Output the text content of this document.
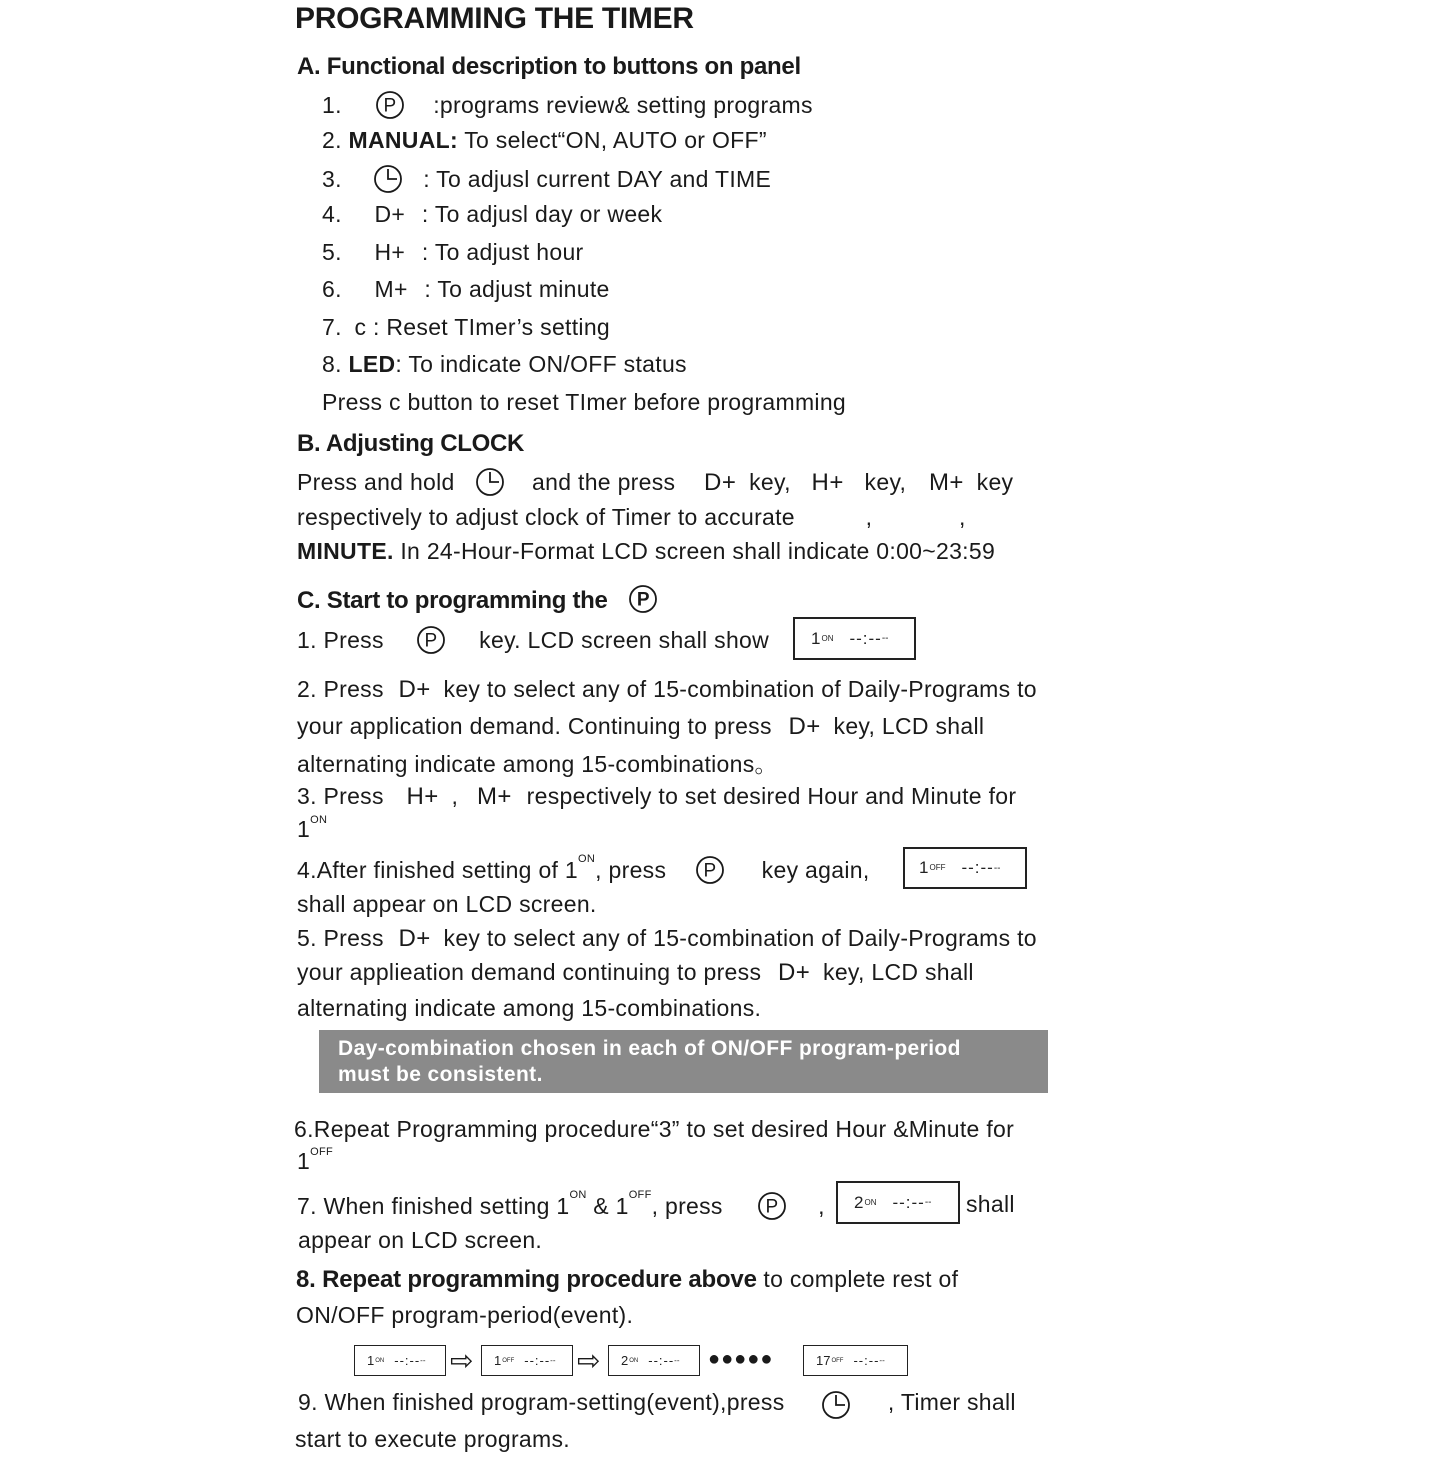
PROGRAMMING THE TIMER
A. Functional description to buttons on panel
1.	:programs review& setting programs
2. MANUAL: To select“ON, AUTO or OFF”
3.	: To adjusl current DAY and TIME
4. D+ : To adjusl day or week
5. H+ : To adjust hour
6. M+ : To adjust minute
7. c : Reset TImer’s setting
8. LED: To indicate ON/OFF status
Press c button to reset TImer before programming
B. Adjusting CLOCK
Press and hold	and the press D+ key, H+ key, M+ key
respectively to adjust clock of Timer to accurate	,	,
MINUTE. In 24-Hour-Format LCD screen shall indicate 0:00~23:59
C. Start to programming the
1. Press	key. LCD screen shall show 1 ON --:-- --
2. Press D+ key to select any of 15-combination of Daily-Programs to
your application demand. Continuing to press D+ key, LCD shall
alternating indicate among 15-combinations。
3. Press H+ , M+ respectively to set desired Hour and Minute for
$1^{ON}$
4.After finished setting of $1^{ON}$, press	key again,	1 OFF --:-- --
shall appear on LCD screen.
5. Press D+ key to select any of 15-combination of Daily-Programs to
your applieation demand continuing to press D+ key, LCD shall
alternating indicate among 15-combinations.
Day-combination chosen in each of ON/OFF program-period
must be consistent.
6.Repeat Programming procedure“3” to set desired Hour &Minute for
$1^{OFF}$
7. When finished setting $1^{ON}$ & $1^{OFF}$, press	, 2 ON --:-- -- shall
appear on LCD screen.
8. Repeat programming procedure above to complete rest of
ON/OFF program-period(event).
1 ON --:-- -- ⇨ 1 OFF --:-- -- ⇨ 2 ON --:-- -- ●●●●●	17 OFF --:-- --
9. When finished program-setting(event),press	, Timer shall
start to execute programs.
